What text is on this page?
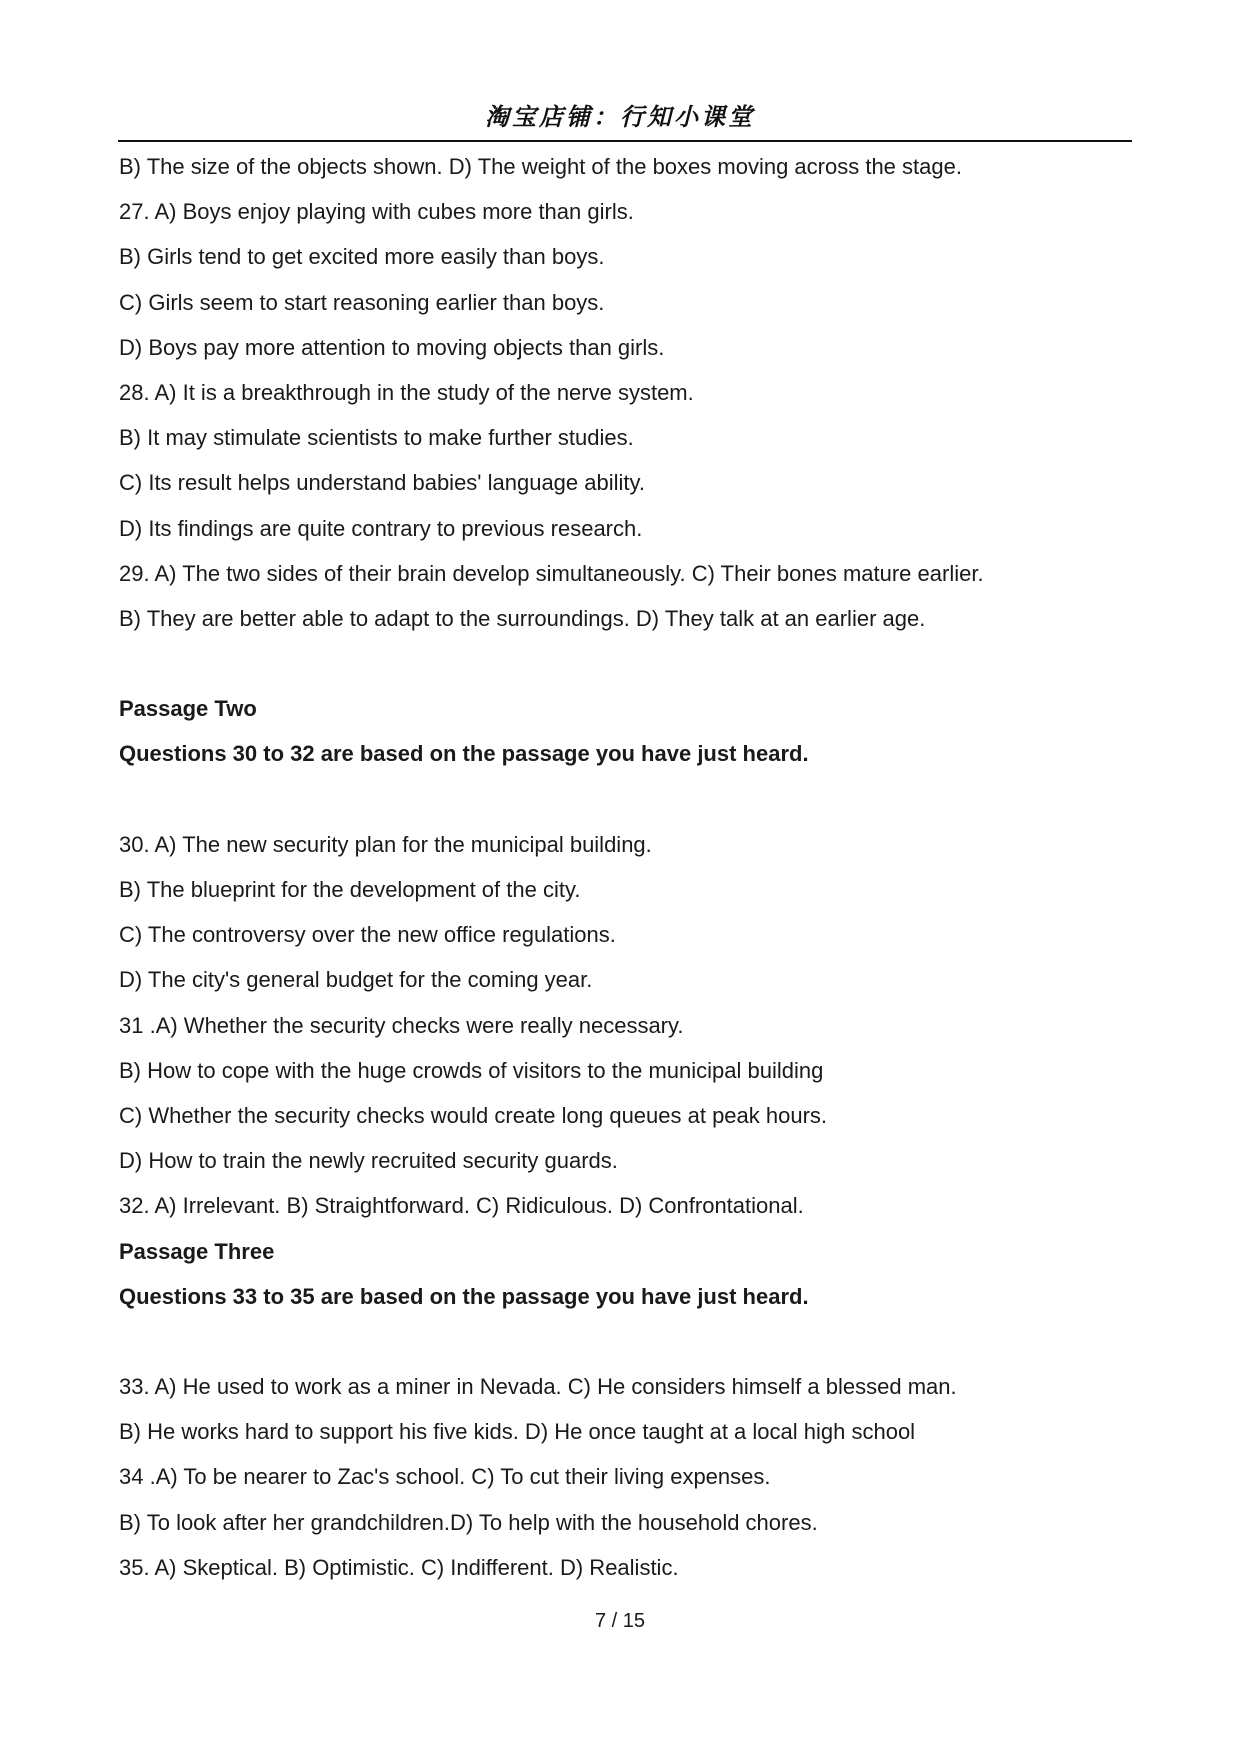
淘宝店铺：行知小课堂
B) The size of the objects shown. D) The weight of the boxes moving across the stage.
27. A) Boys enjoy playing with cubes more than girls.
B) Girls tend to get excited more easily than boys.
C) Girls seem to start reasoning earlier than boys.
D) Boys pay more attention to moving objects than girls.
28. A) It is a breakthrough in the study of the nerve system.
B) It may stimulate scientists to make further studies.
C) Its result helps understand babies' language ability.
D) Its findings are quite contrary to previous research.
29. A) The two sides of their brain develop simultaneously. C) Their bones mature earlier.
B) They are better able to adapt to the surroundings. D) They talk at an earlier age.
Passage Two
Questions 30 to 32 are based on the passage you have just heard.
30. A) The new security plan for the municipal building.
B) The blueprint for the development of the city.
C) The controversy over the new office regulations.
D) The city's general budget for the coming year.
31 .A) Whether the security checks were really necessary.
B) How to cope with the huge crowds of visitors to the municipal building
C) Whether the security checks would create long queues at peak hours.
D) How to train the newly recruited security guards.
32. A) Irrelevant. B) Straightforward. C) Ridiculous. D) Confrontational.
Passage Three
Questions 33 to 35 are based on the passage you have just heard.
33. A) He used to work as a miner in Nevada. C) He considers himself a blessed man.
B) He works hard to support his five kids. D) He once taught at a local high school
34 .A) To be nearer to Zac's school. C) To cut their living expenses.
B) To look after her grandchildren.D) To help with the household chores.
35. A) Skeptical. B) Optimistic. C) Indifferent. D) Realistic.
7 / 15
